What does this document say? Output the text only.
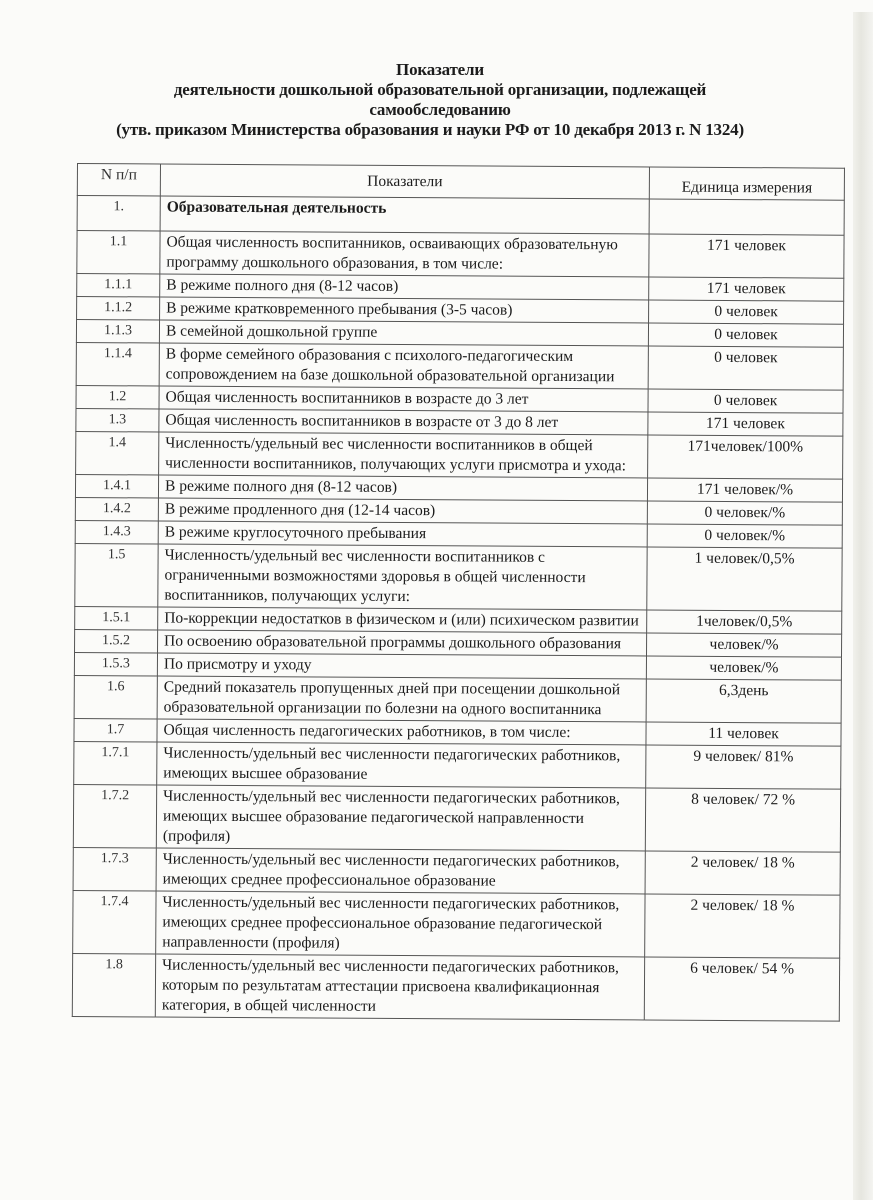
Показатели
деятельности дошкольной образовательной организации, подлежащей
самообследованию
(утв. приказом Министерства образования и науки РФ от 10 декабря 2013 г. N 1324)
N п/п	Показатели	Единица измерения
1.	Образовательная деятельность	
1.1	Общая численность воспитанников, осваивающих образовательную программу дошкольного образования, в том числе:	171 человек
1.1.1	В режиме полного дня (8-12 часов)	171 человек
1.1.2	В режиме кратковременного пребывания (3-5 часов)	0 человек
1.1.3	В семейной дошкольной группе	0 человек
1.1.4	В форме семейного образования с психолого-педагогическим сопровождением на базе дошкольной образовательной организации	0 человек
1.2	Общая численность воспитанников в возрасте до 3 лет	0 человек
1.3	Общая численность воспитанников в возрасте от 3 до 8 лет	171 человек
1.4	Численность/удельный вес численности воспитанников в общей численности воспитанников, получающих услуги присмотра и ухода:	171человек/100%
1.4.1	В режиме полного дня (8-12 часов)	171 человек/%
1.4.2	В режиме продленного дня (12-14 часов)	0 человек/%
1.4.3	В режиме круглосуточного пребывания	0 человек/%
1.5	Численность/удельный вес численности воспитанников с ограниченными возможностями здоровья в общей численности воспитанников, получающих услуги:	1 человек/0,5%
1.5.1	По-коррекции недостатков в физическом и (или) психическом развитии	1человек/0,5%
1.5.2	По освоению образовательной программы дошкольного образования	человек/%
1.5.3	По присмотру и уходу	человек/%
1.6	Средний показатель пропущенных дней при посещении дошкольной образовательной организации по болезни на одного воспитанника	6,3день
1.7	Общая численность педагогических работников, в том числе:	11 человек
1.7.1	Численность/удельный вес численности педагогических работников, имеющих высшее образование	9 человек/ 81%
1.7.2	Численность/удельный вес численности педагогических работников, имеющих высшее образование педагогической направленности (профиля)	8 человек/ 72 %
1.7.3	Численность/удельный вес численности педагогических работников, имеющих среднее профессиональное образование	2 человек/ 18 %
1.7.4	Численность/удельный вес численности педагогических работников, имеющих среднее профессиональное образование педагогической направленности (профиля)	2 человек/ 18 %
1.8	Численность/удельный вес численности педагогических работников, которым по результатам аттестации присвоена квалификационная категория, в общей численности	6 человек/ 54 %
